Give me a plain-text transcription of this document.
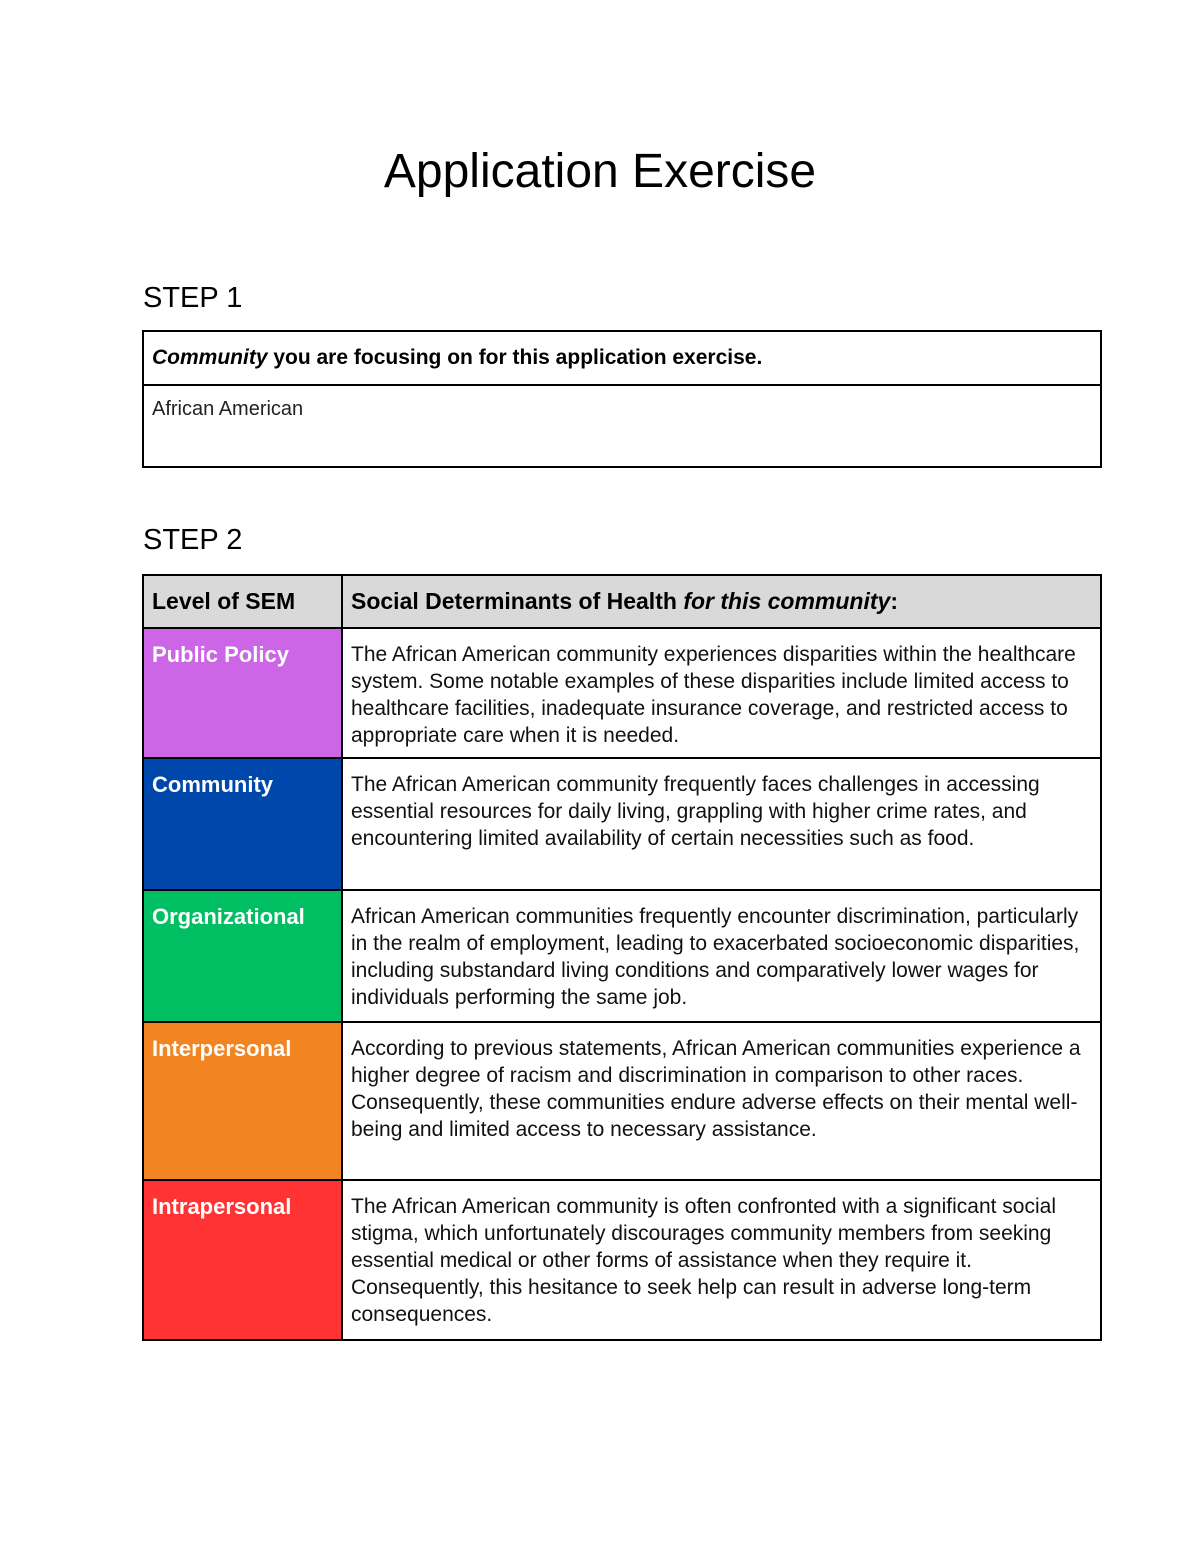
Application Exercise
STEP 1
Community you are focusing on for this application exercise.
African American
STEP 2
Level of SEM	Social Determinants of Health for this community:
Public Policy	The African American community experiences disparities within the healthcare system. Some notable examples of these disparities include limited access to healthcare facilities, inadequate insurance coverage, and restricted access to appropriate care when it is needed.
Community	The African American community frequently faces challenges in accessing essential resources for daily living, grappling with higher crime rates, and encountering limited availability of certain necessities such as food.
Organizational	African American communities frequently encounter discrimination, particularly in the realm of employment, leading to exacerbated socioeconomic disparities, including substandard living conditions and comparatively lower wages for individuals performing the same job.
Interpersonal	According to previous statements, African American communities experience a higher degree of racism and discrimination in comparison to other races. Consequently, these communities endure adverse effects on their mental well-being and limited access to necessary assistance.
Intrapersonal	The African American community is often confronted with a significant social stigma, which unfortunately discourages community members from seeking essential medical or other forms of assistance when they require it. Consequently, this hesitance to seek help can result in adverse long-term consequences.
